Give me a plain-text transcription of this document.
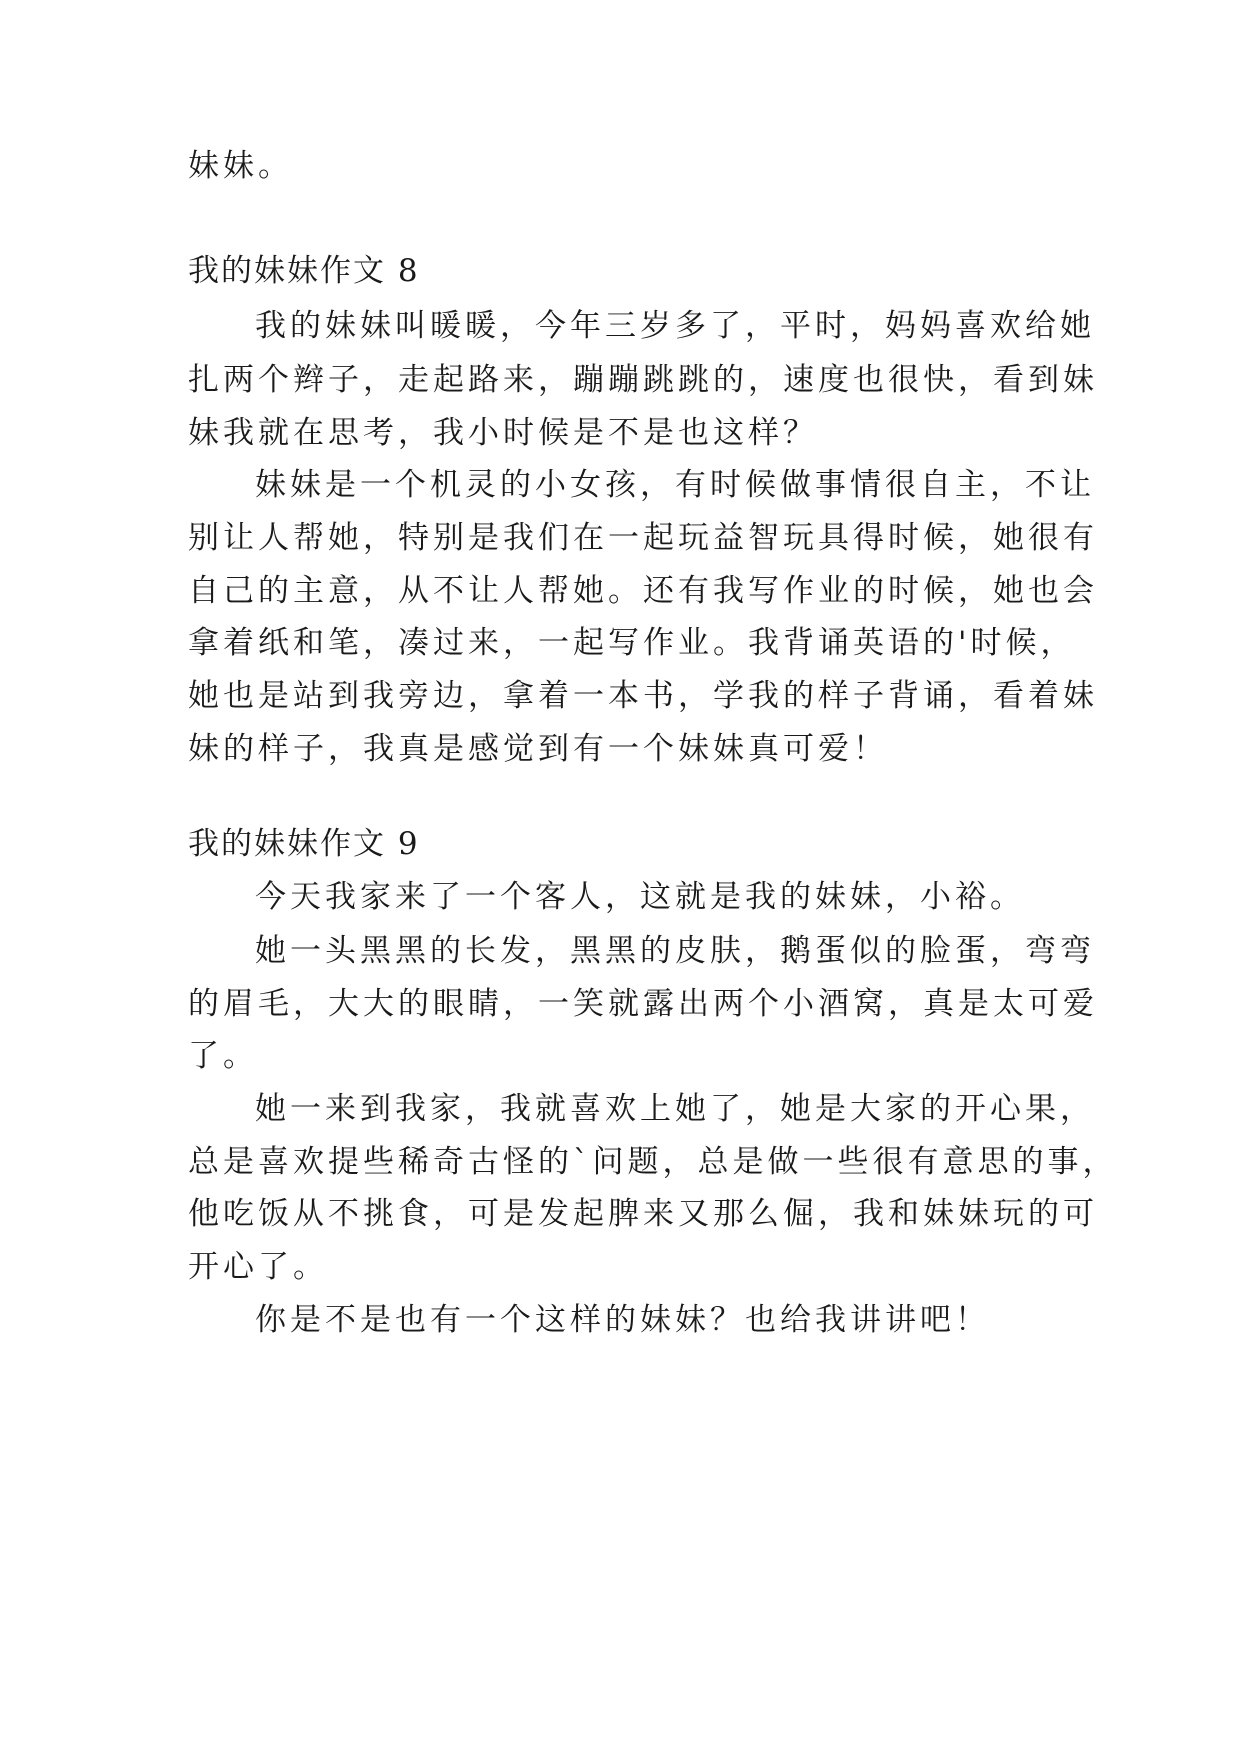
妹妹。
我的妹妹作文 8
我的妹妹叫暖暖，今年三岁多了，平时，妈妈喜欢给她
扎两个辫子，走起路来，蹦蹦跳跳的，速度也很快，看到妹
妹我就在思考，我小时候是不是也这样？
妹妹是一个机灵的小女孩，有时候做事情很自主，不让
别让人帮她，特别是我们在一起玩益智玩具得时候，她很有
自己的主意，从不让人帮她。还有我写作业的时候，她也会
拿着纸和笔，凑过来，一起写作业。我背诵英语的'时候，
她也是站到我旁边，拿着一本书，学我的样子背诵，看着妹
妹的样子，我真是感觉到有一个妹妹真可爱！
我的妹妹作文 9
今天我家来了一个客人，这就是我的妹妹，小裕。
她一头黑黑的长发，黑黑的皮肤，鹅蛋似的脸蛋，弯弯
的眉毛，大大的眼睛，一笑就露出两个小酒窝，真是太可爱
了。
她一来到我家，我就喜欢上她了，她是大家的开心果，
总是喜欢提些稀奇古怪的`问题，总是做一些很有意思的事，
他吃饭从不挑食，可是发起脾来又那么倔，我和妹妹玩的可
开心了。
你是不是也有一个这样的妹妹？也给我讲讲吧！
